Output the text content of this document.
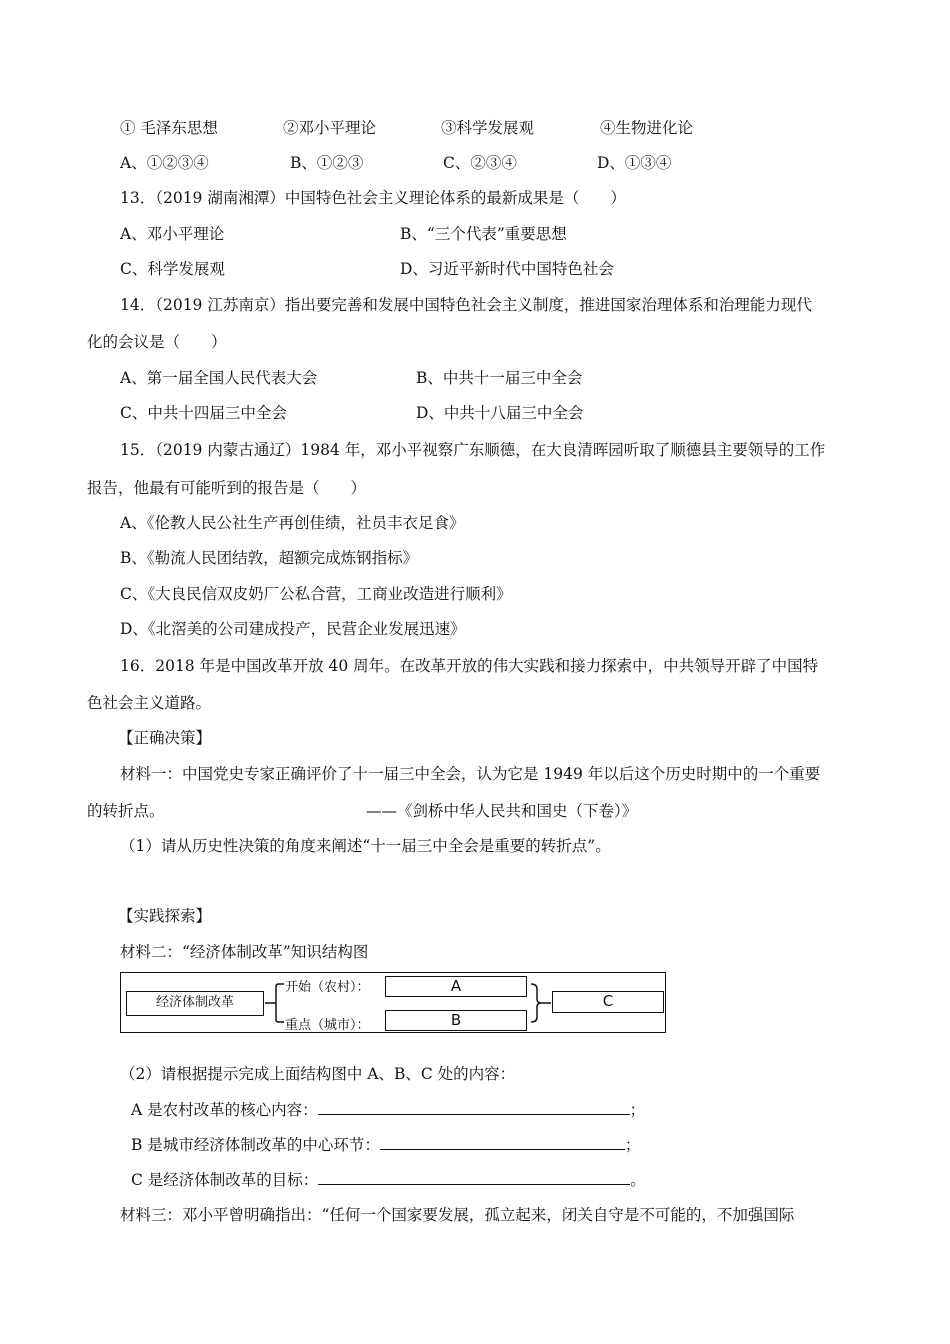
① 毛泽东思想	②邓小平理论	③科学发展观	④生物进化论
A、①②③④	B、①②③	C、②③④	D、①③④
13．（2019 湖南湘潭）中国特色社会主义理论体系的最新成果是（　　）
A、邓小平理论	B、“三个代表”重要思想
C、科学发展观	D、习近平新时代中国特色社会
14．（2019 江苏南京）指出要完善和发展中国特色社会主义制度，推进国家治理体系和治理能力现代
化的会议是（　　）
A、第一届全国人民代表大会	B、中共十一届三中全会
C、中共十四届三中全会	D、中共十八届三中全会
15．（2019 内蒙古通辽）1984 年，邓小平视察广东顺德，在大良清晖园听取了顺德县主要领导的工作
报告，他最有可能听到的报告是（　　）
A、《伦教人民公社生产再创佳绩，社员丰衣足食》
B、《勒流人民团结敦，超额完成炼钢指标》
C、《大良民信双皮奶厂公私合营，工商业改造进行顺利》
D、《北滘美的公司建成投产，民营企业发展迅速》
16．2018 年是中国改革开放 40 周年。在改革开放的伟大实践和接力探索中，中共领导开辟了中国特
色社会主义道路。
【正确决策】
材料一：中国党史专家正确评价了十一届三中全会，认为它是 1949 年以后这个历史时期中的一个重要
的转折点。	——《剑桥中华人民共和国史（下卷）》
（1）请从历史性决策的角度来阐述“十一届三中全会是重要的转折点”。
【实践探索】
材料二：“经济体制改革”知识结构图
经济体制改革
开始（农村）：
重点（城市）：
A
B
C
（2）请根据提示完成上面结构图中 A、B、C 处的内容：
A 是农村改革的核心内容：	；
B 是城市经济体制改革的中心环节：	；
C 是经济体制改革的目标：	。
材料三：邓小平曾明确指出：“任何一个国家要发展，孤立起来，闭关自守是不可能的，不加强国际
